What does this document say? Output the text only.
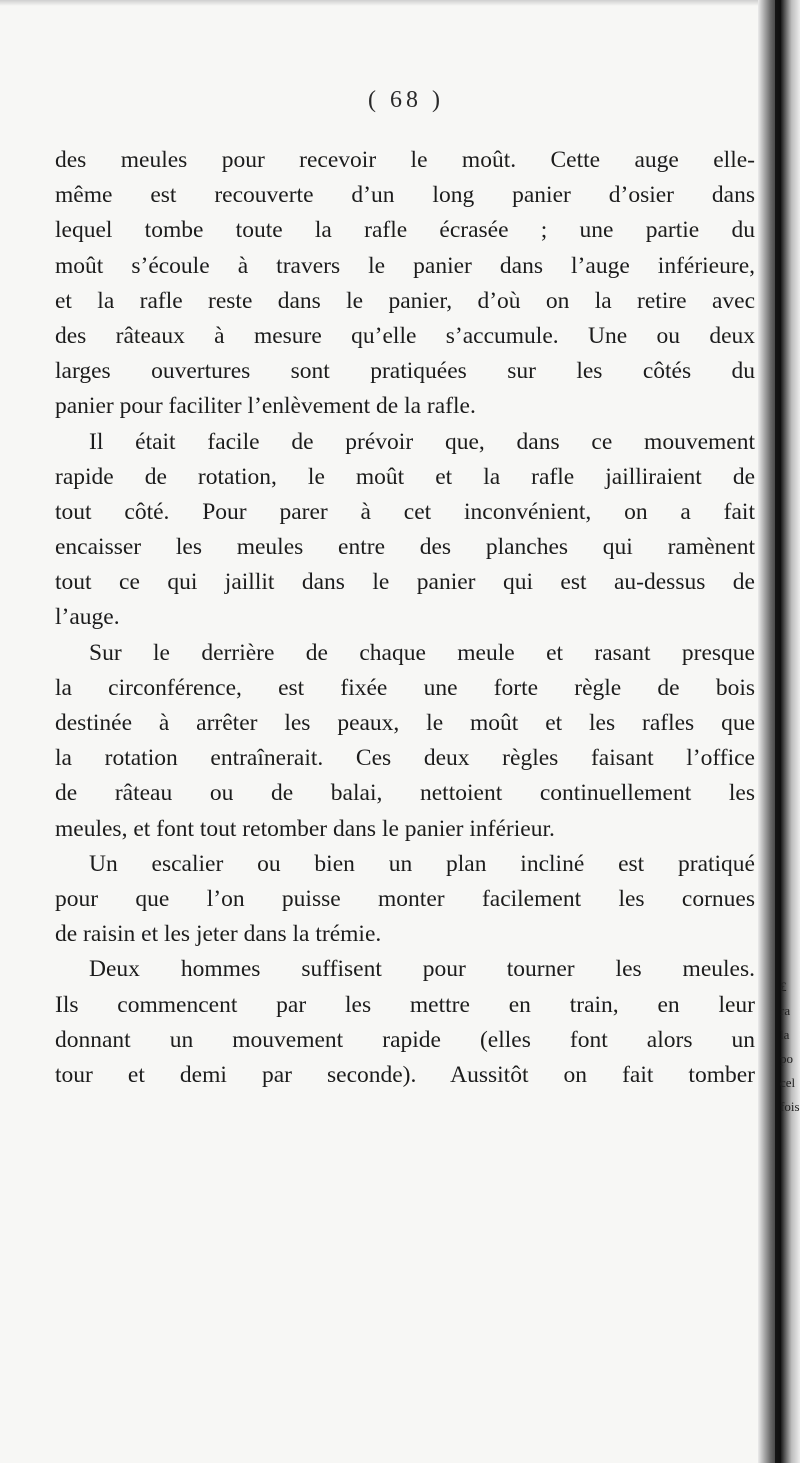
( 68 )
des meules pour recevoir le moût. Cette auge elle-
même est recouverte d’un long panier d’osier dans
lequel tombe toute la rafle écrasée ; une partie du
moût s’écoule à travers le panier dans l’auge inférieure,
et la rafle reste dans le panier, d’où on la retire avec
des râteaux à mesure qu’elle s’accumule. Une ou deux
larges ouvertures sont pratiquées sur les côtés du
panier pour faciliter l’enlèvement de la rafle.
Il était facile de prévoir que, dans ce mouvement
rapide de rotation, le moût et la rafle jailliraient de
tout côté. Pour parer à cet inconvénient, on a fait
encaisser les meules entre des planches qui ramènent
tout ce qui jaillit dans le panier qui est au-dessus de
l’auge.
Sur le derrière de chaque meule et rasant presque
la circonférence, est fixée une forte règle de bois
destinée à arrêter les peaux, le moût et les rafles que
la rotation entraînerait. Ces deux règles faisant l’office
de râteau ou de balai, nettoient continuellement les
meules, et font tout retomber dans le panier inférieur.
Un escalier ou bien un plan incliné est pratiqué
pour que l’on puisse monter facilement les cornues
de raisin et les jeter dans la trémie.
Deux hommes suffisent pour tourner les meules.
Ils commencent par les mettre en train, en leur
donnant un mouvement rapide (elles font alors un
tour et demi par seconde). Aussitôt on fait tomber
£
ra
la
po
cel
fois
